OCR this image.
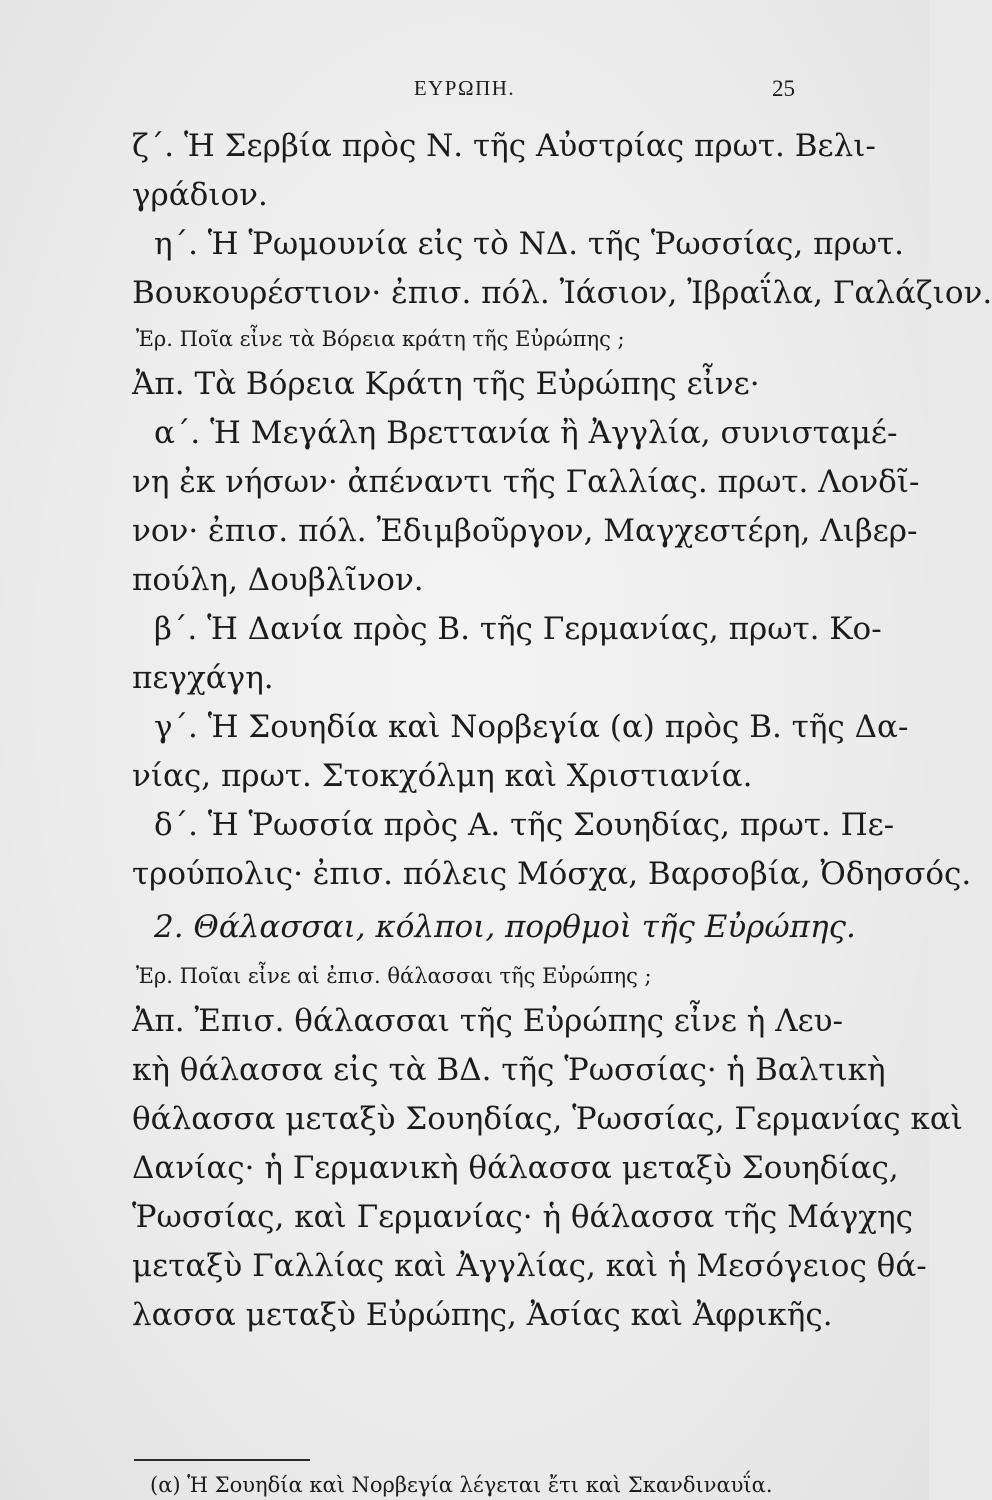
ΕΥΡΩΠΗ.	25
ζ΄. Ἡ Σερβία πρὸς Ν. τῆς Αὐστρίας πρωτ. Βελι-
γράδιον.
η΄. Ἡ Ῥωμουνία εἰς τὸ ΝΔ. τῆς Ῥωσσίας, πρωτ.
Βουκουρέστιον· ἐπισ. πόλ. Ἰάσιον, Ἰβραΐλα, Γαλάζιον.
Ἐρ. Ποῖα εἶνε τὰ Βόρεια κράτη τῆς Εὐρώπης ;
Ἀπ. Τὰ Βόρεια Κράτη τῆς Εὐρώπης εἶνε·
α΄. Ἡ Μεγάλη Βρεττανία ἢ Ἀγγλία, συνισταμέ-
νη ἐκ νήσων· ἀπέναντι τῆς Γαλλίας. πρωτ. Λονδῖ-
νον· ἐπισ. πόλ. Ἐδιμβοῦργον, Μαγχεστέρη, Λιβερ-
πούλη, Δουβλῖνον.
β΄. Ἡ Δανία πρὸς Β. τῆς Γερμανίας, πρωτ. Κο-
πεγχάγη.
γ΄. Ἡ Σουηδία καὶ Νορβεγία (α) πρὸς Β. τῆς Δα-
νίας, πρωτ. Στοκχόλμη καὶ Χριστιανία.
δ΄. Ἡ Ῥωσσία πρὸς Α. τῆς Σουηδίας, πρωτ. Πε-
τρούπολις· ἐπισ. πόλεις Μόσχα, Βαρσοβία, Ὀδησσός.
2. Θάλασσαι, κόλποι, πορθμοὶ τῆς Εὐρώπης.
Ἐρ. Ποῖαι εἶνε αἱ ἐπισ. θάλασσαι τῆς Εὐρώπης ;
Ἀπ. Ἐπισ. θάλασσαι τῆς Εὐρώπης εἶνε ἡ Λευ-
κὴ θάλασσα εἰς τὰ ΒΔ. τῆς Ῥωσσίας· ἡ Βαλτικὴ
θάλασσα μεταξὺ Σουηδίας, Ῥωσσίας, Γερμανίας καὶ
Δανίας· ἡ Γερμανικὴ θάλασσα μεταξὺ Σουηδίας,
Ῥωσσίας, καὶ Γερμανίας· ἡ θάλασσα τῆς Μάγχης
μεταξὺ Γαλλίας καὶ Ἀγγλίας, καὶ ἡ Μεσόγειος θά-
λασσα μεταξὺ Εὐρώπης, Ἀσίας καὶ Ἀφρικῆς.
(α) Ἡ Σουηδία καὶ Νορβεγία λέγεται ἔτι καὶ Σκανδιναυΐα.
